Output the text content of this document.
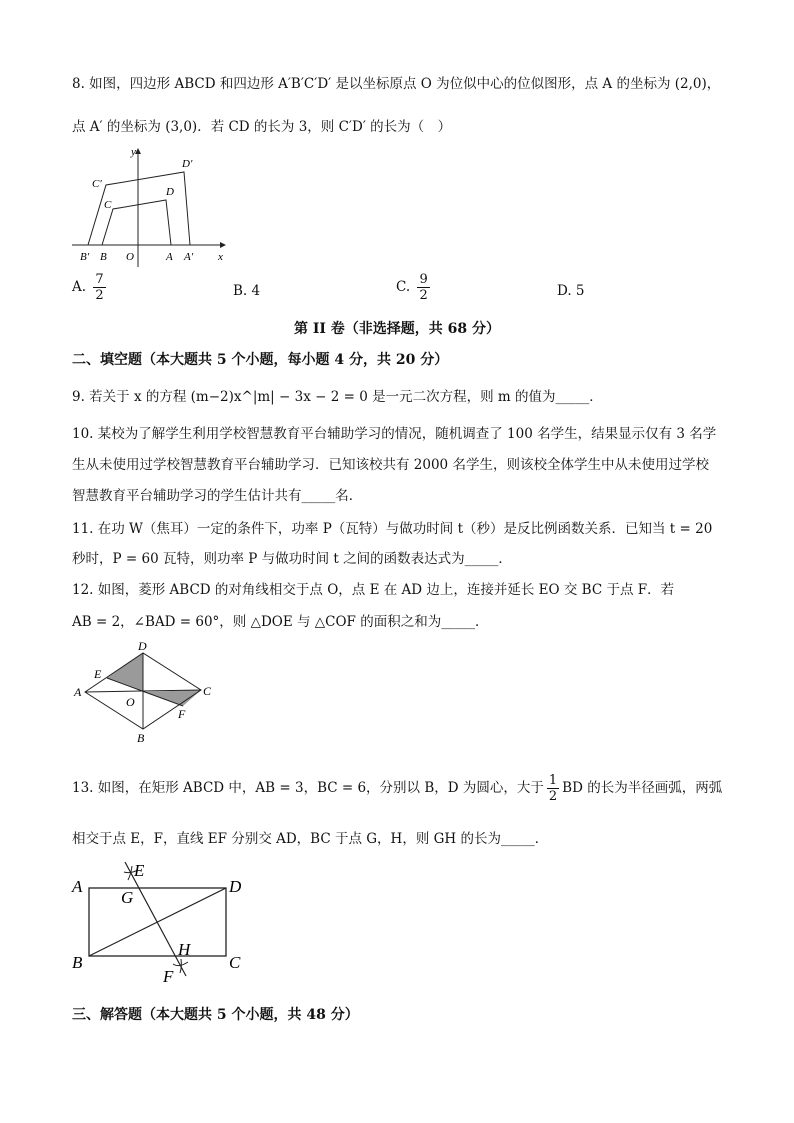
8. 如图，四边形 ABCD 和四边形 A′B′C′D′ 是以坐标原点 O 为位似中心的位似图形，点 A 的坐标为 (2,0)，
点 A′ 的坐标为 (3,0)．若 CD 的长为 3，则 C′D′ 的长为（　）
y
x
O
B′ B	A A′
C′
C
D
D′
A. $\frac{7}{2}$	B. 4	C. $\frac{9}{2}$	D. 5
第 II 卷（非选择题，共 68 分）
二、填空题（本大题共 5 个小题，每小题 4 分，共 20 分）
9. 若关于 x 的方程 (m−2)x^|m| − 3x − 2 = 0 是一元二次方程，则 m 的值为_____．
10. 某校为了解学生利用学校智慧教育平台辅助学习的情况，随机调查了 100 名学生，结果显示仅有 3 名学
生从未使用过学校智慧教育平台辅助学习．已知该校共有 2000 名学生，则该校全体学生中从未使用过学校
智慧教育平台辅助学习的学生估计共有_____名．
11. 在功 W（焦耳）一定的条件下，功率 P（瓦特）与做功时间 t（秒）是反比例函数关系．已知当 t = 20
秒时，P = 60 瓦特，则功率 P 与做功时间 t 之间的函数表达式为_____．
12. 如图，菱形 ABCD 的对角线相交于点 O，点 E 在 AD 边上，连接并延长 EO 交 BC 于点 F．若
AB = 2，∠BAD = 60°，则 △DOE 与 △COF 的面积之和为_____．
A
D
C
B
E
F
O
13. 如图，在矩形 ABCD 中，AB = 3，BC = 6，分别以 B，D 为圆心，大于 $\frac{1}{2}$ BD 的长为半径画弧，两弧
相交于点 E，F，直线 EF 分别交 AD，BC 于点 G，H，则 GH 的长为_____．
A	D
B	C
E
G
H
F
三、解答题（本大题共 5 个小题，共 48 分）
